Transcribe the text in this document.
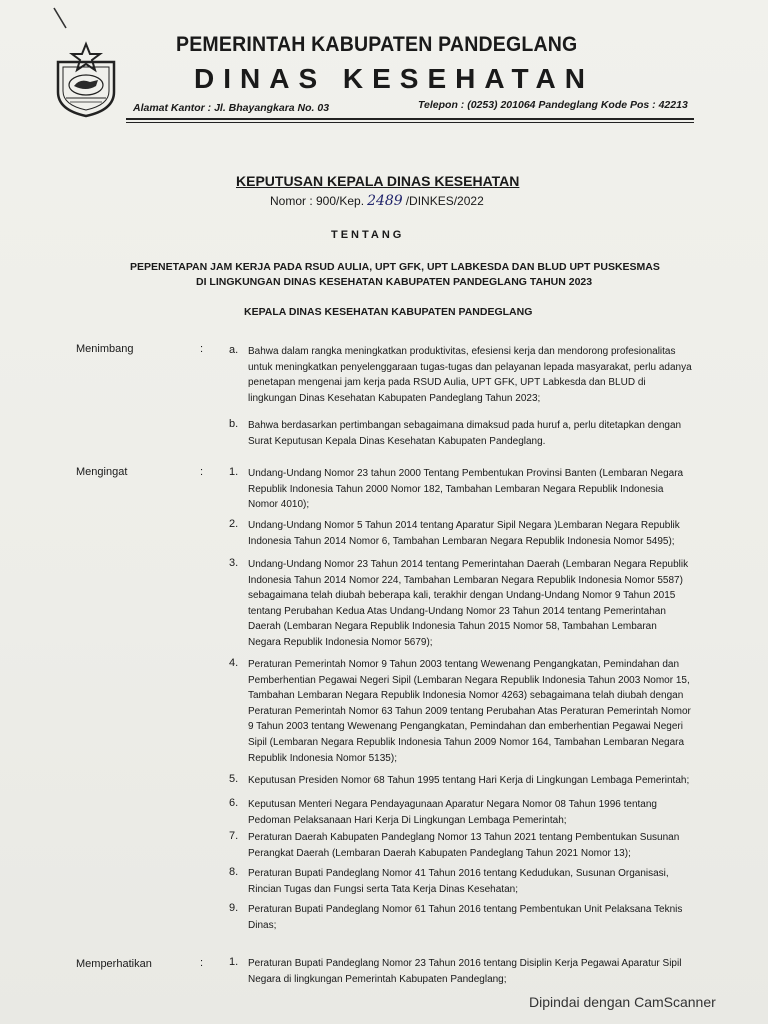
PEMERINTAH KABUPATEN PANDEGLANG
DINAS KESEHATAN
Alamat Kantor : Jl. Bhayangkara No. 03	Telepon : (0253) 201064 Pandeglang Kode Pos : 42213
KEPUTUSAN KEPALA DINAS KESEHATAN
Nomor : 900/Kep. 2489 /DINKES/2022
TENTANG
PEPENETAPAN JAM KERJA PADA RSUD AULIA, UPT GFK, UPT LABKESDA DAN BLUD UPT PUSKESMAS
DI LINGKUNGAN DINAS KESEHATAN KABUPATEN PANDEGLANG TAHUN 2023
KEPALA DINAS KESEHATAN KABUPATEN PANDEGLANG
Menimbang	: a. Bahwa dalam rangka meningkatkan produktivitas, efesiensi kerja dan mendorong profesionalitas
untuk meningkatkan penyelenggaraan tugas-tugas dan pelayanan lepada masyarakat, perlu adanya
penetapan mengenai jam kerja pada RSUD Aulia, UPT GFK, UPT Labkesda dan BLUD di
lingkungan Dinas Kesehatan Kabupaten Pandeglang Tahun 2023;
b. Bahwa berdasarkan pertimbangan sebagaimana dimaksud pada huruf a, perlu ditetapkan dengan
Surat Keputusan Kepala Dinas Kesehatan Kabupaten Pandeglang.
Mengingat	: 1. Undang-Undang Nomor 23 tahun 2000 Tentang Pembentukan Provinsi Banten (Lembaran Negara
Republik Indonesia Tahun 2000 Nomor 182, Tambahan Lembaran Negara Republik Indonesia
Nomor 4010);
2. Undang-Undang Nomor 5 Tahun 2014 tentang Aparatur Sipil Negara )Lembaran Negara Republik
Indonesia Tahun 2014 Nomor 6, Tambahan Lembaran Negara Republik Indonesia Nomor 5495);
3. Undang-Undang Nomor 23 Tahun 2014 tentang Pemerintahan Daerah (Lembaran Negara Republik
Indonesia Tahun 2014 Nomor 224, Tambahan Lembaran Negara Republik Indonesia Nomor 5587)
sebagaimana telah diubah beberapa kali, terakhir dengan Undang-Undang Nomor 9 Tahun 2015
tentang Perubahan Kedua Atas Undang-Undang Nomor 23 Tahun 2014 tentang Pemerintahan
Daerah (Lembaran Negara Republik Indonesia Tahun 2015 Nomor 58, Tambahan Lembaran
Negara Republik Indonesia Nomor 5679);
4. Peraturan Pemerintah Nomor 9 Tahun 2003 tentang Wewenang Pengangkatan, Pemindahan dan
Pemberhentian Pegawai Negeri Sipil (Lembaran Negara Republik Indonesia Tahun 2003 Nomor 15,
Tambahan Lembaran Negara Republik Indonesia Nomor 4263) sebagaimana telah diubah dengan
Peraturan Pemerintah Nomor 63 Tahun 2009 tentang Perubahan Atas Peraturan Pemerintah Nomor
9 Tahun 2003 tentang Wewenang Pengangkatan, Pemindahan dan emberhentian Pegawai Negeri
Sipil (Lembaran Negara Republik Indonesia Tahun 2009 Nomor 164, Tambahan Lembaran Negara
Republik Indonesia Nomor 5135);
5. Keputusan Presiden Nomor 68 Tahun 1995 tentang Hari Kerja di Lingkungan Lembaga Pemerintah;
6. Keputusan Menteri Negara Pendayagunaan Aparatur Negara Nomor 08 Tahun 1996 tentang
Pedoman Pelaksanaan Hari Kerja Di Lingkungan Lembaga Pemerintah;
7. Peraturan Daerah Kabupaten Pandeglang Nomor 13 Tahun 2021 tentang Pembentukan Susunan
Perangkat Daerah (Lembaran Daerah Kabupaten Pandeglang Tahun 2021 Nomor 13);
8. Peraturan Bupati Pandeglang Nomor 41 Tahun 2016 tentang Kedudukan, Susunan Organisasi,
Rincian Tugas dan Fungsi serta Tata Kerja Dinas Kesehatan;
9. Peraturan Bupati Pandeglang Nomor 61 Tahun 2016 tentang Pembentukan Unit Pelaksana Teknis
Dinas;
Memperhatikan	: 1. Peraturan Bupati Pandeglang Nomor 23 Tahun 2016 tentang Disiplin Kerja Pegawai Aparatur Sipil
Negara di lingkungan Pemerintah Kabupaten Pandeglang;
Dipindai dengan CamScanner
